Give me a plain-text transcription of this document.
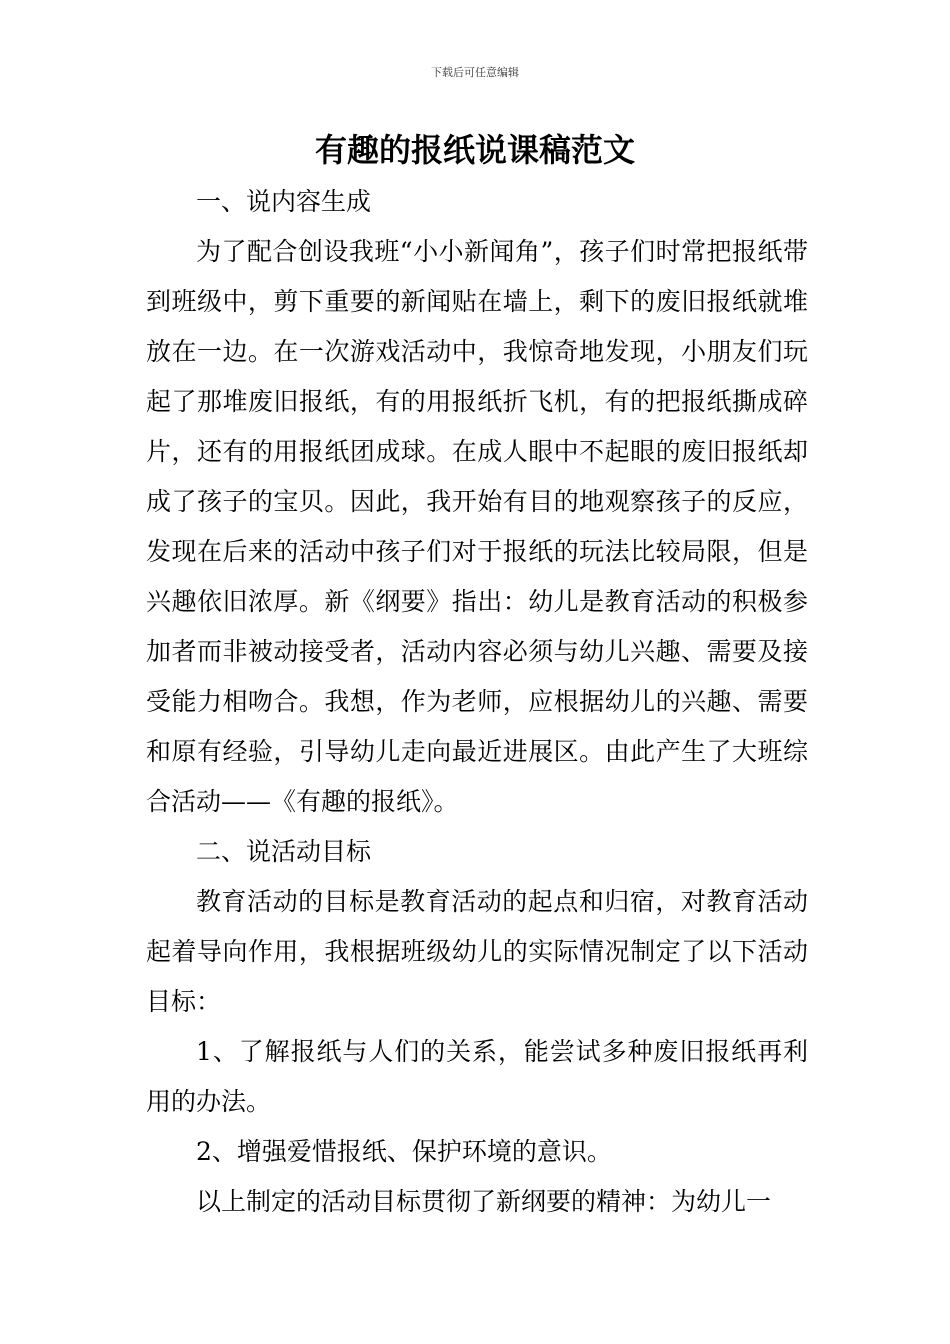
下载后可任意编辑
有趣的报纸说课稿范文

一、说内容生成

为了配合创设我班“小小新闻角”，孩子们时常把报纸带到班级中，剪下重要的新闻贴在墙上，剩下的废旧报纸就堆放在一边。在一次游戏活动中，我惊奇地发现，小朋友们玩起了那堆废旧报纸，有的用报纸折飞机，有的把报纸撕成碎片，还有的用报纸团成球。在成人眼中不起眼的废旧报纸却成了孩子的宝贝。因此，我开始有目的地观察孩子的反应，发现在后来的活动中孩子们对于报纸的玩法比较局限，但是兴趣依旧浓厚。新《纲要》指出：幼儿是教育活动的积极参加者而非被动接受者，活动内容必须与幼儿兴趣、需要及接受能力相吻合。我想，作为老师，应根据幼儿的兴趣、需要和原有经验，引导幼儿走向最近进展区。由此产生了大班综合活动——《有趣的报纸》。

二、说活动目标

教育活动的目标是教育活动的起点和归宿，对教育活动起着导向作用，我根据班级幼儿的实际情况制定了以下活动目标：

1、了解报纸与人们的关系，能尝试多种废旧报纸再利用的办法。

2、增强爱惜报纸、保护环境的意识。

以上制定的活动目标贯彻了新纲要的精神：为幼儿一
